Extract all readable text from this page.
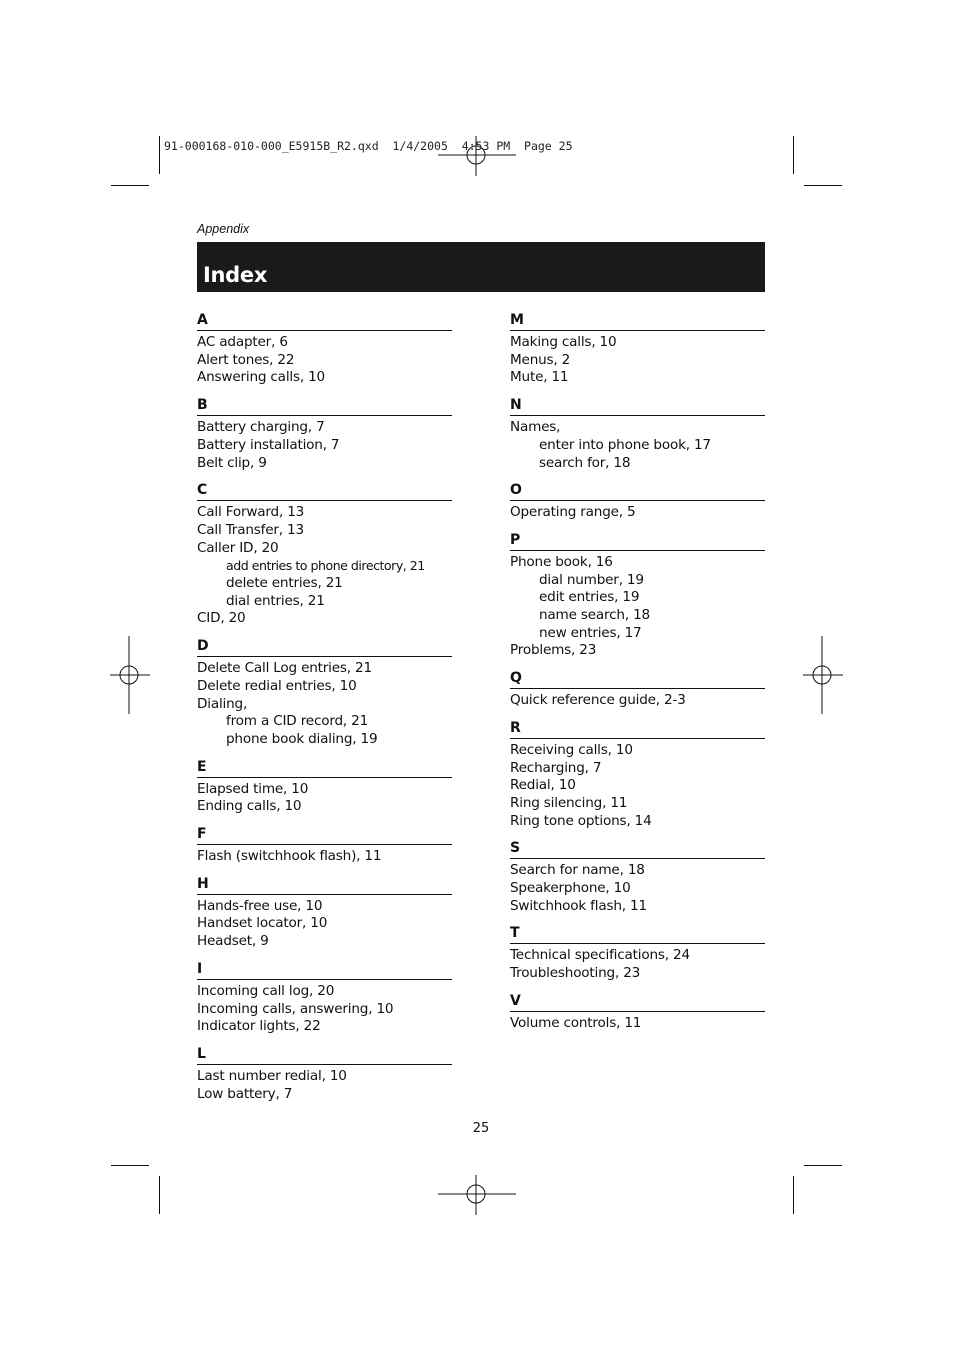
91-000168-010-000_E5915B_R2.qxd  1/4/2005  4:53 PM  Page 25
Appendix
Index
A
AC adapter, 6
Alert tones, 22
Answering calls, 10
B
Battery charging, 7
Battery installation, 7
Belt clip, 9
C
Call Forward, 13
Call Transfer, 13
Caller ID, 20
add entries to phone directory, 21
delete entries, 21
dial entries, 21
CID, 20
D
Delete Call Log entries, 21
Delete redial entries, 10
Dialing,
from a CID record, 21
phone book dialing, 19
E
Elapsed time, 10
Ending calls, 10
F
Flash (switchhook flash), 11
H
Hands-free use, 10
Handset locator, 10
Headset, 9
I
Incoming call log, 20
Incoming calls, answering, 10
Indicator lights, 22
L
Last number redial, 10
Low battery, 7
M
Making calls, 10
Menus, 2
Mute, 11
N
Names,
enter into phone book, 17
search for, 18
O
Operating range, 5
P
Phone book, 16
dial number, 19
edit entries, 19
name search, 18
new entries, 17
Problems, 23
Q
Quick reference guide, 2-3
R
Receiving calls, 10
Recharging, 7
Redial, 10
Ring silencing, 11
Ring tone options, 14
S
Search for name, 18
Speakerphone, 10
Switchhook flash, 11
T
Technical specifications, 24
Troubleshooting, 23
V
Volume controls, 11
25
